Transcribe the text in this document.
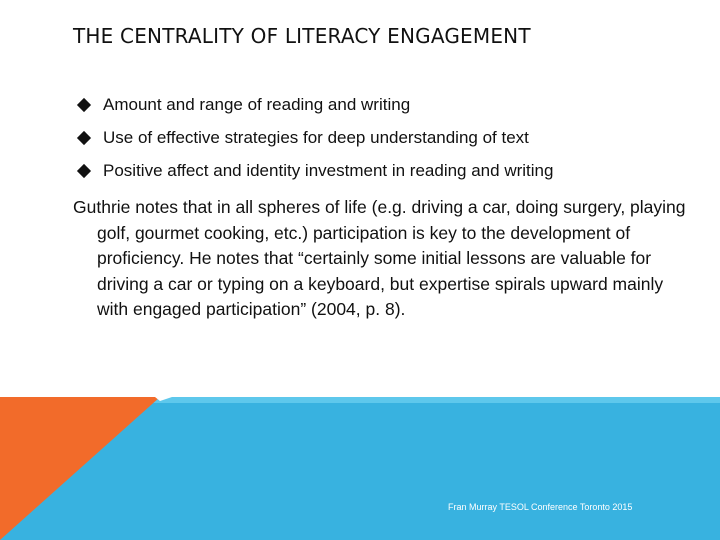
THE CENTRALITY OF LITERACY ENGAGEMENT
Amount and range of reading and writing
Use of effective strategies for deep understanding of text
Positive affect and identity investment in reading and writing

Guthrie notes that in all spheres of life (e.g. driving a car, doing surgery, playing golf, gourmet cooking, etc.) participation is key to the development of proficiency. He notes that “certainly some initial lessons are valuable for driving a car or typing on a keyboard, but expertise spirals upward mainly with engaged participation” (2004, p. 8).

Fran Murray TESOL Conference Toronto 2015
